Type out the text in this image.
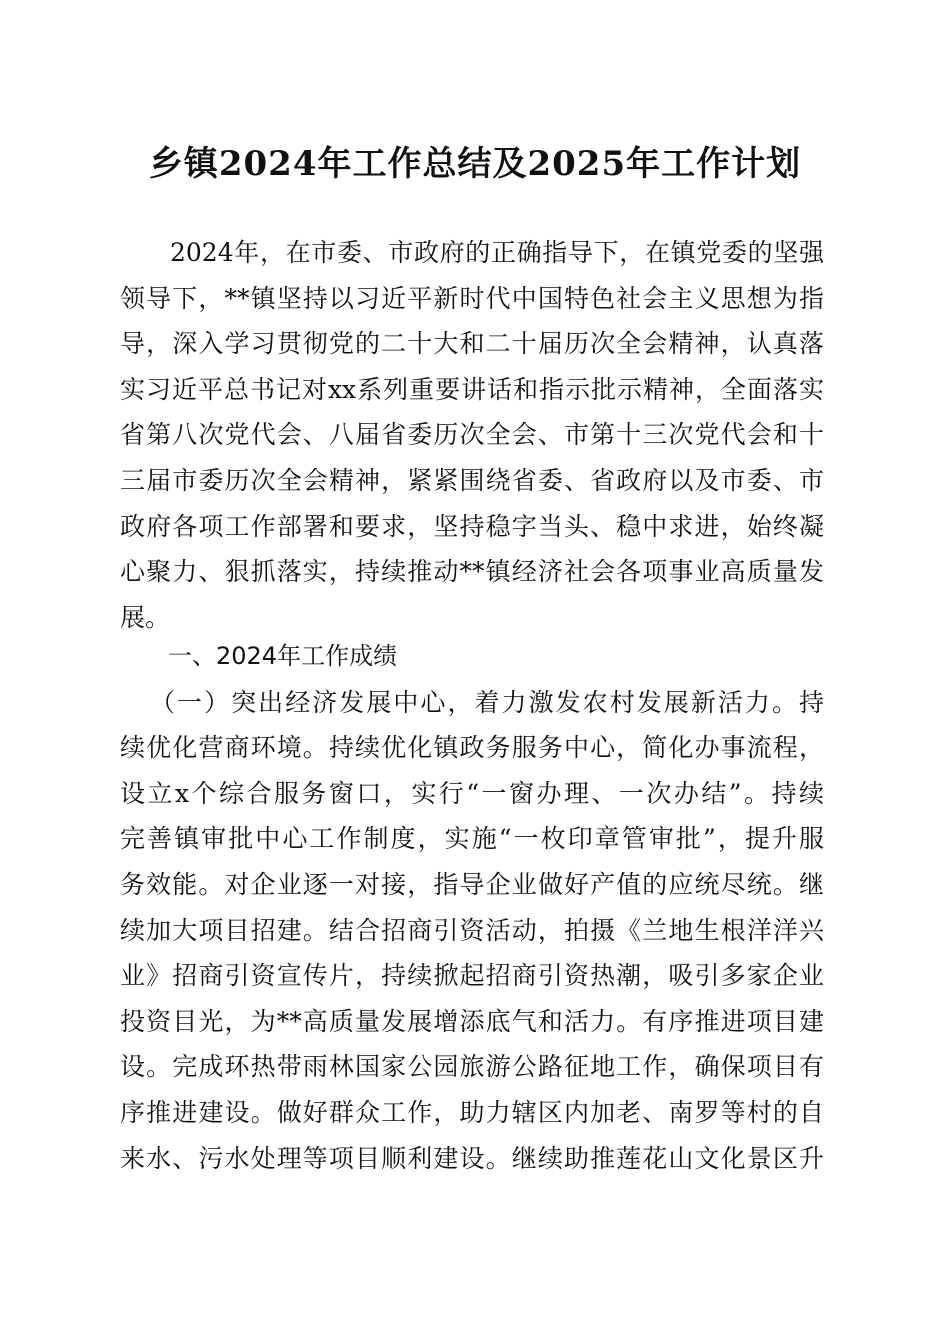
乡镇2024年工作总结及2025年工作计划
2024年，在市委、市政府的正确指导下，在镇党委的坚强
领导下，**镇坚持以习近平新时代中国特色社会主义思想为指
导，深入学习贯彻党的二十大和二十届历次全会精神，认真落
实习近平总书记对xx系列重要讲话和指示批示精神，全面落实
省第八次党代会、八届省委历次全会、市第十三次党代会和十
三届市委历次全会精神，紧紧围绕省委、省政府以及市委、市
政府各项工作部署和要求，坚持稳字当头、稳中求进，始终凝
心聚力、狠抓落实，持续推动**镇经济社会各项事业高质量发
展。
一、2024年工作成绩
（一）突出经济发展中心，着力激发农村发展新活力。持
续优化营商环境。持续优化镇政务服务中心，简化办事流程，
设立x个综合服务窗口，实行“一窗办理、一次办结”。持续
完善镇审批中心工作制度，实施“一枚印章管审批”，提升服
务效能。对企业逐一对接，指导企业做好产值的应统尽统。继
续加大项目招建。结合招商引资活动，拍摄《兰地生根洋洋兴
业》招商引资宣传片，持续掀起招商引资热潮，吸引多家企业
投资目光，为**高质量发展增添底气和活力。有序推进项目建
设。完成环热带雨林国家公园旅游公路征地工作，确保项目有
序推进建设。做好群众工作，助力辖区内加老、南罗等村的自
来水、污水处理等项目顺利建设。继续助推莲花山文化景区升
